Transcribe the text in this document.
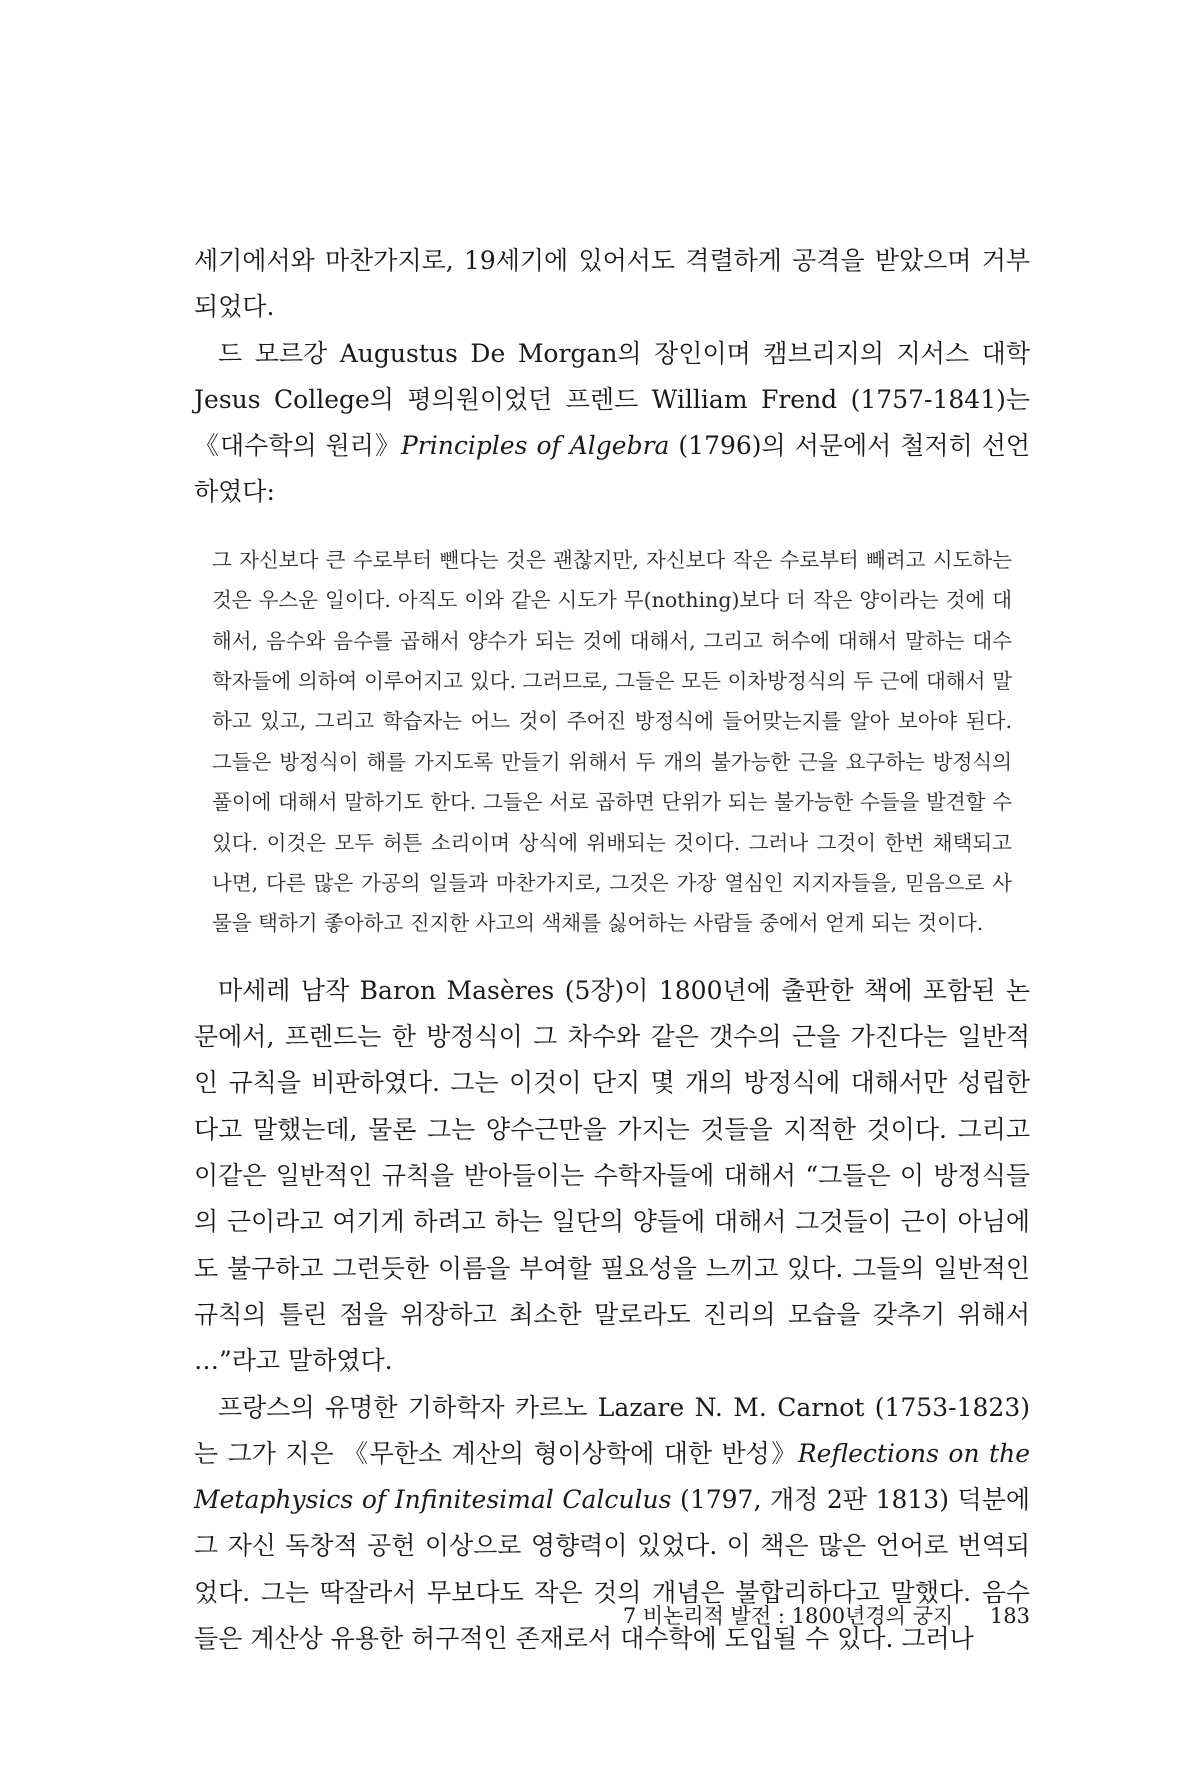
세기에서와 마찬가지로, 19세기에 있어서도 격렬하게 공격을 받았으며 거부되었다.

드 모르강 Augustus De Morgan의 장인이며 캠브리지의 지서스 대학 Jesus College의 평의원이었던 프렌드 William Frend (1757-1841)는 《대수학의 원리》Principles of Algebra (1796)의 서문에서 철저히 선언하였다:

그 자신보다 큰 수로부터 뺀다는 것은 괜찮지만, 자신보다 작은 수로부터 빼려고 시도하는 것은 우스운 일이다. 아직도 이와 같은 시도가 무(nothing)보다 더 작은 양이라는 것에 대해서, 음수와 음수를 곱해서 양수가 되는 것에 대해서, 그리고 허수에 대해서 말하는 대수학자들에 의하여 이루어지고 있다. 그러므로, 그들은 모든 이차방정식의 두 근에 대해서 말하고 있고, 그리고 학습자는 어느 것이 주어진 방정식에 들어맞는지를 알아 보아야 된다. 그들은 방정식이 해를 가지도록 만들기 위해서 두 개의 불가능한 근을 요구하는 방정식의 풀이에 대해서 말하기도 한다. 그들은 서로 곱하면 단위가 되는 불가능한 수들을 발견할 수 있다. 이것은 모두 허튼 소리이며 상식에 위배되는 것이다. 그러나 그것이 한번 채택되고 나면, 다른 많은 가공의 일들과 마찬가지로, 그것은 가장 열심인 지지자들을, 믿음으로 사물을 택하기 좋아하고 진지한 사고의 색채를 싫어하는 사람들 중에서 얻게 되는 것이다.

마세레 남작 Baron Masères (5장)이 1800년에 출판한 책에 포함된 논문에서, 프렌드는 한 방정식이 그 차수와 같은 갯수의 근을 가진다는 일반적인 규칙을 비판하였다. 그는 이것이 단지 몇 개의 방정식에 대해서만 성립한다고 말했는데, 물론 그는 양수근만을 가지는 것들을 지적한 것이다. 그리고 이같은 일반적인 규칙을 받아들이는 수학자들에 대해서 “그들은 이 방정식들의 근이라고 여기게 하려고 하는 일단의 양들에 대해서 그것들이 근이 아님에도 불구하고 그런듯한 이름을 부여할 필요성을 느끼고 있다. 그들의 일반적인 규칙의 틀린 점을 위장하고 최소한 말로라도 진리의 모습을 갖추기 위해서 …”라고 말하였다.

프랑스의 유명한 기하학자 카르노 Lazare N. M. Carnot (1753-1823)는 그가 지은 《무한소 계산의 형이상학에 대한 반성》Reflections on the Metaphysics of Infinitesimal Calculus (1797, 개정 2판 1813) 덕분에 그 자신 독창적 공헌 이상으로 영향력이 있었다. 이 책은 많은 언어로 번역되었다. 그는 딱잘라서 무보다도 작은 것의 개념은 불합리하다고 말했다. 음수들은 계산상 유용한 허구적인 존재로서 대수학에 도입될 수 있다. 그러나

7 비논리적 발전 : 1800년경의 궁지 183
